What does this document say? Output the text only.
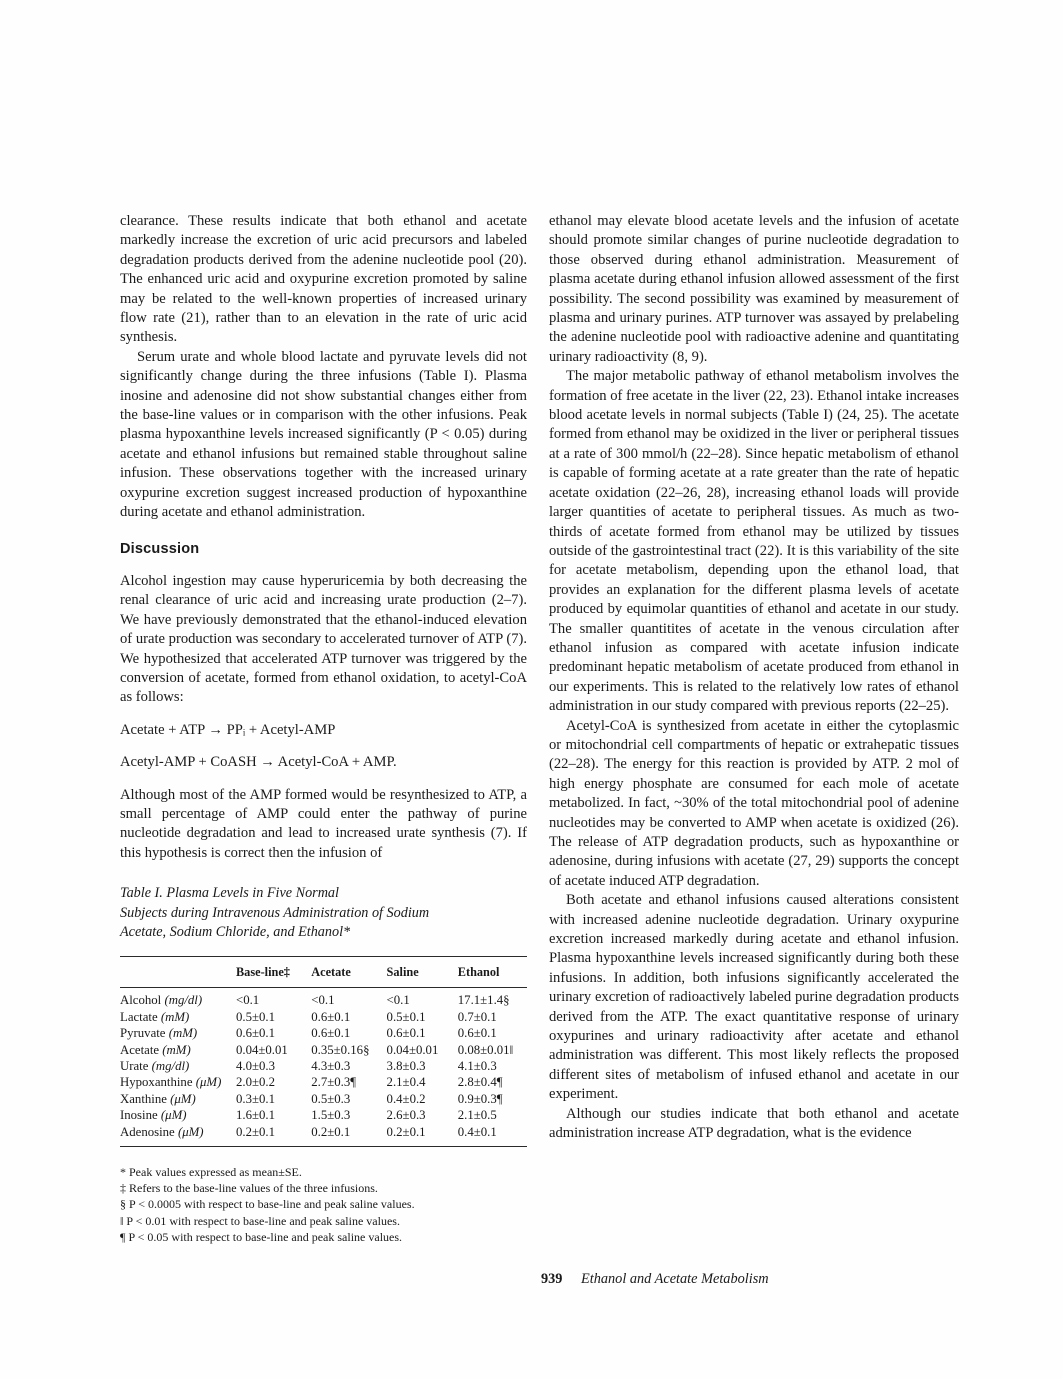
clearance. These results indicate that both ethanol and acetate markedly increase the excretion of uric acid precursors and labeled degradation products derived from the adenine nucleotide pool (20). The enhanced uric acid and oxypurine excretion promoted by saline may be related to the well-known properties of increased urinary flow rate (21), rather than to an elevation in the rate of uric acid synthesis.

Serum urate and whole blood lactate and pyruvate levels did not significantly change during the three infusions (Table I). Plasma inosine and adenosine did not show substantial changes either from the base-line values or in comparison with the other infusions. Peak plasma hypoxanthine levels increased significantly (P < 0.05) during acetate and ethanol infusions but remained stable throughout saline infusion. These observations together with the increased urinary oxypurine excretion suggest increased production of hypoxanthine during acetate and ethanol administration.

Discussion

Alcohol ingestion may cause hyperuricemia by both decreasing the renal clearance of uric acid and increasing urate production (2–7). We have previously demonstrated that the ethanol-induced elevation of urate production was secondary to accelerated turnover of ATP (7). We hypothesized that accelerated ATP turnover was triggered by the conversion of acetate, formed from ethanol oxidation, to acetyl-CoA as follows:

Acetate + ATP → PPᵢ + Acetyl-AMP

Acetyl-AMP + CoASH → Acetyl-CoA + AMP.

Although most of the AMP formed would be resynthesized to ATP, a small percentage of AMP could enter the pathway of purine nucleotide degradation and lead to increased urate synthesis (7). If this hypothesis is correct then the infusion of

Table I. Plasma Levels in Five Normal
Subjects during Intravenous Administration of Sodium
Acetate, Sodium Chloride, and Ethanol*
	Base-line‡	Acetate	Saline	Ethanol
Alcohol (mg/dl)	<0.1	<0.1	<0.1	17.1±1.4§
Lactate (mM)	0.5±0.1	0.6±0.1	0.5±0.1	0.7±0.1
Pyruvate (mM)	0.6±0.1	0.6±0.1	0.6±0.1	0.6±0.1
Acetate (mM)	0.04±0.01	0.35±0.16§	0.04±0.01	0.08±0.01‖
Urate (mg/dl)	4.0±0.3	4.3±0.3	3.8±0.3	4.1±0.3
Hypoxanthine (μM)	2.0±0.2	2.7±0.3¶	2.1±0.4	2.8±0.4¶
Xanthine (μM)	0.3±0.1	0.5±0.3	0.4±0.2	0.9±0.3¶
Inosine (μM)	1.6±0.1	1.5±0.3	2.6±0.3	2.1±0.5
Adenosine (μM)	0.2±0.1	0.2±0.1	0.2±0.1	0.4±0.1
* Peak values expressed as mean±SE.
‡ Refers to the base-line values of the three infusions.
§ P < 0.0005 with respect to base-line and peak saline values.
‖ P < 0.01 with respect to base-line and peak saline values.
¶ P < 0.05 with respect to base-line and peak saline values.

ethanol may elevate blood acetate levels and the infusion of acetate should promote similar changes of purine nucleotide degradation to those observed during ethanol administration. Measurement of plasma acetate during ethanol infusion allowed assessment of the first possibility. The second possibility was examined by measurement of plasma and urinary purines. ATP turnover was assayed by prelabeling the adenine nucleotide pool with radioactive adenine and quantitating urinary radioactivity (8, 9).

The major metabolic pathway of ethanol metabolism involves the formation of free acetate in the liver (22, 23). Ethanol intake increases blood acetate levels in normal subjects (Table I) (24, 25). The acetate formed from ethanol may be oxidized in the liver or peripheral tissues at a rate of 300 mmol/h (22–28). Since hepatic metabolism of ethanol is capable of forming acetate at a rate greater than the rate of hepatic acetate oxidation (22–26, 28), increasing ethanol loads will provide larger quantities of acetate to peripheral tissues. As much as two-thirds of acetate formed from ethanol may be utilized by tissues outside of the gastrointestinal tract (22). It is this variability of the site for acetate metabolism, depending upon the ethanol load, that provides an explanation for the different plasma levels of acetate produced by equimolar quantities of ethanol and acetate in our study. The smaller quantitites of acetate in the venous circulation after ethanol infusion as compared with acetate infusion indicate predominant hepatic metabolism of acetate produced from ethanol in our experiments. This is related to the relatively low rates of ethanol administration in our study compared with previous reports (22–25).

Acetyl-CoA is synthesized from acetate in either the cytoplasmic or mitochondrial cell compartments of hepatic or extrahepatic tissues (22–28). The energy for this reaction is provided by ATP. 2 mol of high energy phosphate are consumed for each mole of acetate metabolized. In fact, ~30% of the total mitochondrial pool of adenine nucleotides may be converted to AMP when acetate is oxidized (26). The release of ATP degradation products, such as hypoxanthine or adenosine, during infusions with acetate (27, 29) supports the concept of acetate induced ATP degradation.

Both acetate and ethanol infusions caused alterations consistent with increased adenine nucleotide degradation. Urinary oxypurine excretion increased markedly during acetate and ethanol infusion. Plasma hypoxanthine levels increased significantly during both these infusions. In addition, both infusions significantly accelerated the urinary excretion of radioactively labeled purine degradation products derived from the ATP. The exact quantitative response of urinary oxypurines and urinary radioactivity after acetate and ethanol administration was different. This most likely reflects the proposed different sites of metabolism of infused ethanol and acetate in our experiment.

Although our studies indicate that both ethanol and acetate administration increase ATP degradation, what is the evidence

939 Ethanol and Acetate Metabolism
